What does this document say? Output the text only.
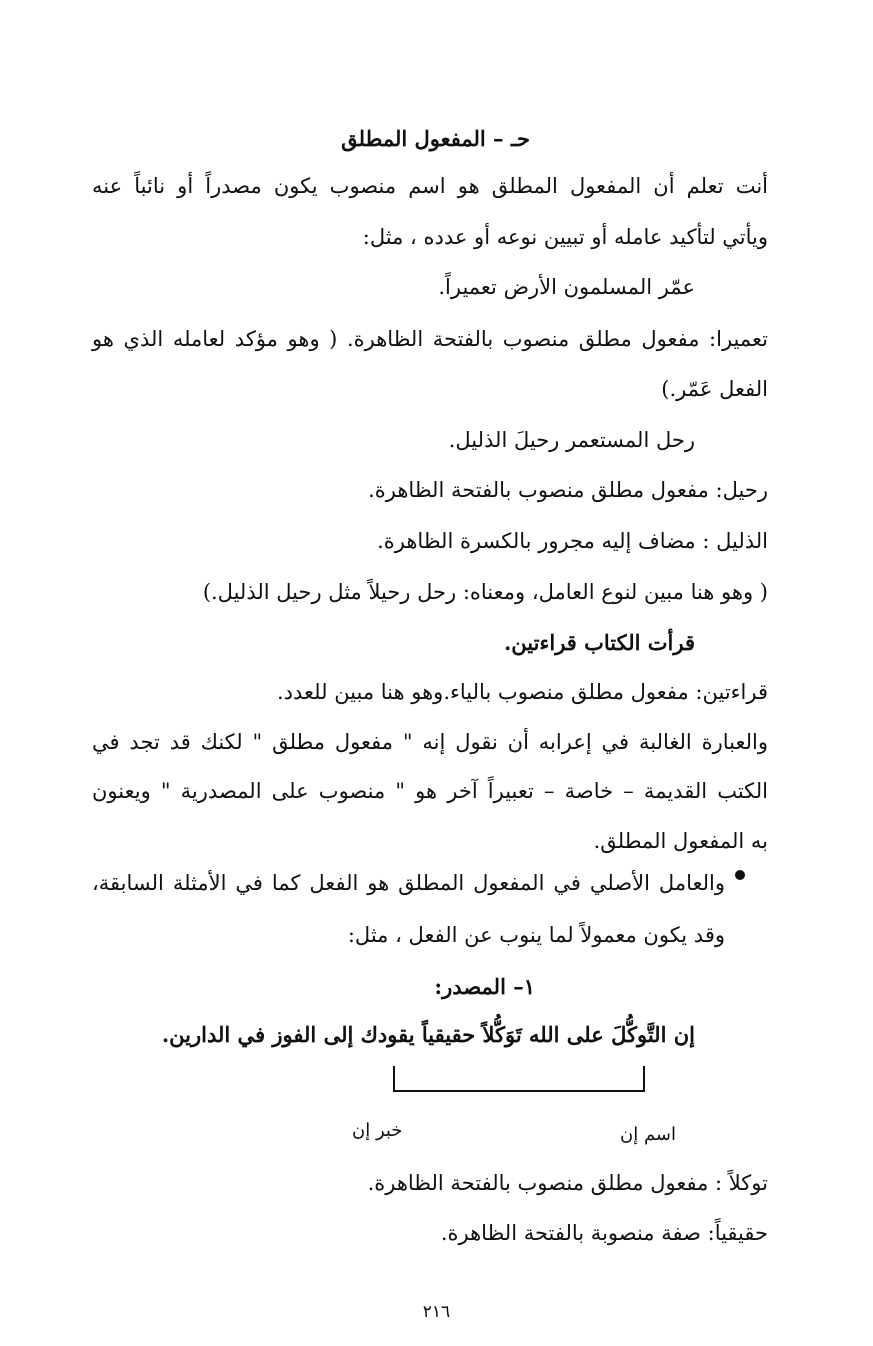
حـ – المفعول المطلق
أنت تعلم أن المفعول المطلق هو اسم منصوب يكون مصدراً أو نائباً عنه
ويأتي لتأكيد عامله أو تبيين نوعه أو عدده ، مثل:
عمّر المسلمون الأرض تعميراً.
تعميرا: مفعول مطلق منصوب بالفتحة الظاهرة. ( وهو مؤكد لعامله الذي هو
الفعل عَمّر.)
رحل المستعمر رحيلَ الذليل.
رحيل: مفعول مطلق منصوب بالفتحة الظاهرة.
الذليل : مضاف إليه مجرور بالكسرة الظاهرة.
( وهو هنا مبين لنوع العامل، ومعناه: رحل رحيلاً مثل رحيل الذليل.)
قرأت الكتاب قراءتين.
قراءتين: مفعول مطلق منصوب بالياء.وهو هنا مبين للعدد.
والعبارة الغالبة في إعرابه أن نقول إنه " مفعول مطلق " لكنك قد تجد في
الكتب القديمة – خاصة – تعبيراً آخر هو " منصوب على المصدرية " ويعنون
به المفعول المطلق.
والعامل الأصلي في المفعول المطلق هو الفعل كما في الأمثلة السابقة،
وقد يكون معمولاً لما ينوب عن الفعل ، مثل:
١– المصدر:
إن التَّوكُّلَ على الله تَوَكُّلاً حقيقياً يقودك إلى الفوز في الدارين.
اسم إن
خبر إن
توكلاً : مفعول مطلق منصوب بالفتحة الظاهرة.
حقيقياً: صفة منصوبة بالفتحة الظاهرة.
٢١٦
